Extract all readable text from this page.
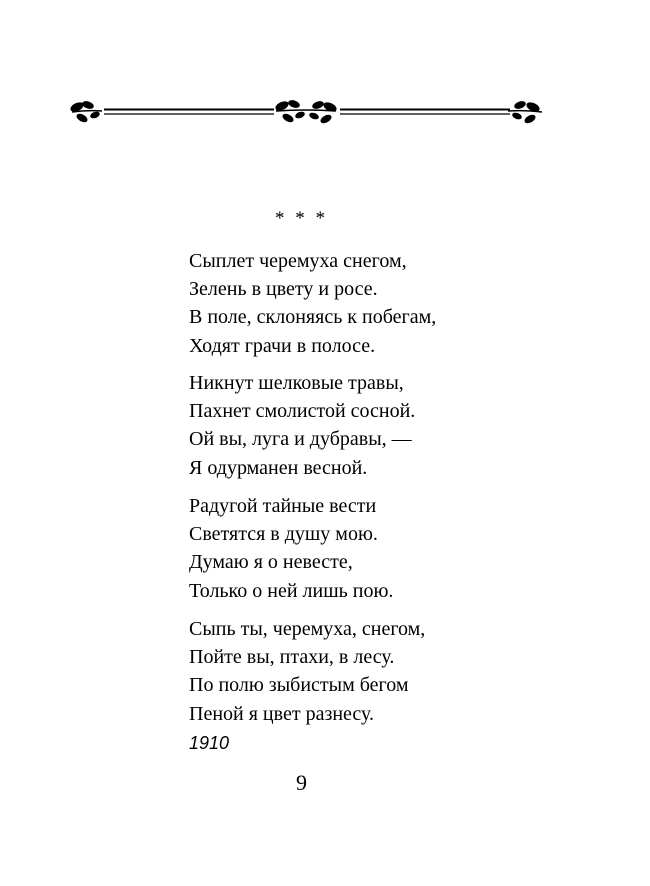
* * *
Сыплет черемуха снегом,
Зелень в цвету и росе.
В поле, склоняясь к побегам,
Ходят грачи в полосе.
Никнут шелковые травы,
Пахнет смолистой сосной.
Ой вы, луга и дубравы, —
Я одурманен весной.
Радугой тайные вести
Светятся в душу мою.
Думаю я о невесте,
Только о ней лишь пою.
Сыпь ты, черемуха, снегом,
Пойте вы, птахи, в лесу.
По полю зыбистым бегом
Пеной я цвет разнесу.
1910
9
